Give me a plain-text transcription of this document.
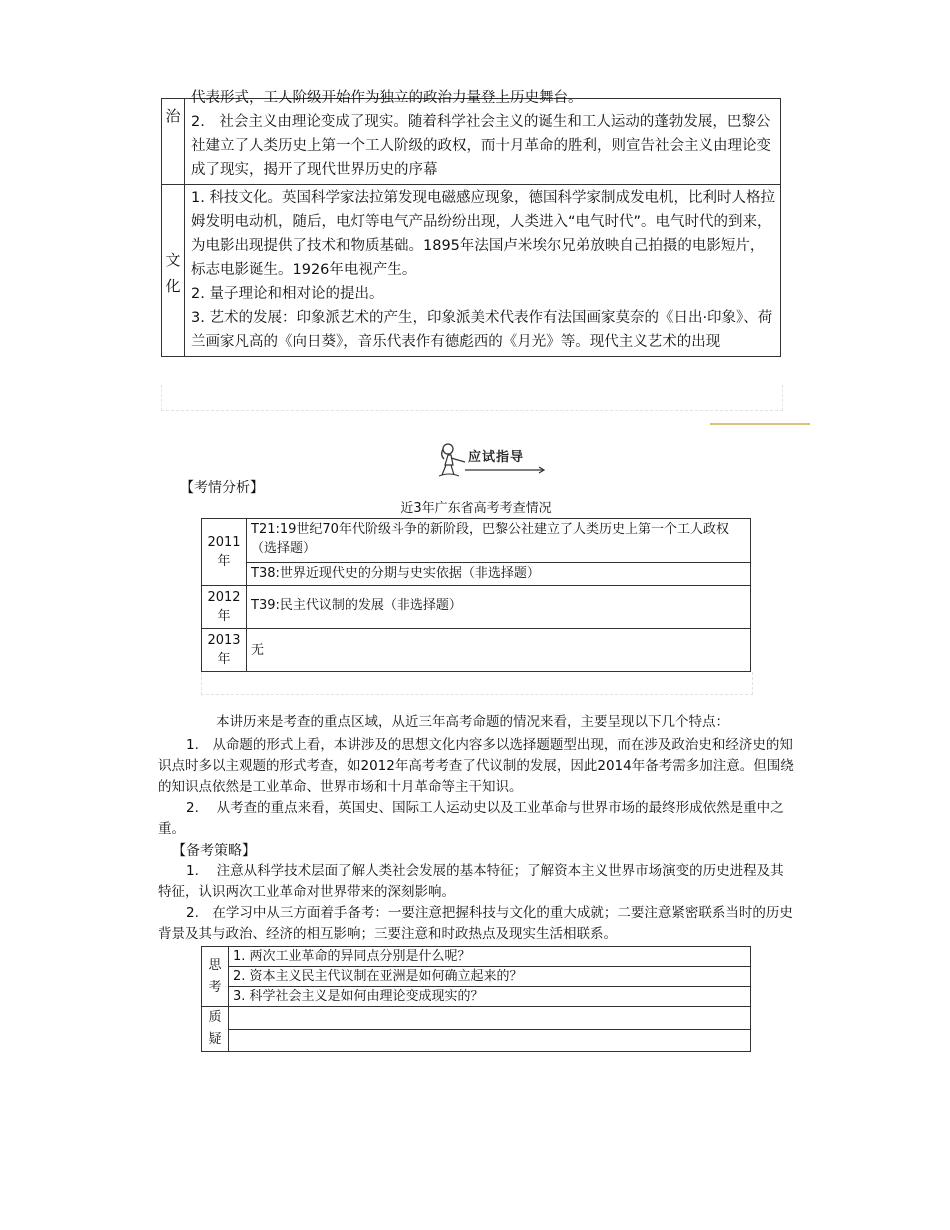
治	代表形式，工人阶级开始作为独立的政治力量登上历史舞台。
2.　社会主义由理论变成了现实。随着科学社会主义的诞生和工人运动的蓬勃发展，巴黎公社建立了人类历史上第一个工人阶级的政权，而十月革命的胜利，则宣告社会主义由理论变成了现实，揭开了现代世界历史的序幕

文化	1. 科技文化。英国科学家法拉第发现电磁感应现象，德国科学家制成发电机，比利时人格拉姆发明电动机，随后，电灯等电气产品纷纷出现，人类进入“电气时代”。电气时代的到来，为电影出现提供了技术和物质基础。1895年法国卢米埃尔兄弟放映自己拍摄的电影短片，标志电影诞生。1926年电视产生。
2. 量子理论和相对论的提出。
3. 艺术的发展：印象派艺术的产生，印象派美术代表作有法国画家莫奈的《日出·印象》、荷兰画家凡高的《向日葵》，音乐代表作有德彪西的《月光》等。现代主义艺术的出现
应试指导
【考情分析】
近3年广东省高考考查情况
2011年	T21:19世纪70年代阶级斗争的新阶段，巴黎公社建立了人类历史上第一个工人政权（选择题）
	T38:世界近现代史的分期与史实依据（非选择题）
2012年	T39:民主代议制的发展（非选择题）
2013年	无
本讲历来是考查的重点区域，从近三年高考命题的情况来看，主要呈现以下几个特点：
1.　从命题的形式上看，本讲涉及的思想文化内容多以选择题题型出现，而在涉及政治史和经济史的知识点时多以主观题的形式考查，如2012年高考考查了代议制的发展，因此2014年备考需多加注意。但围绕的知识点依然是工业革命、世界市场和十月革命等主干知识。
2.　 从考查的重点来看，英国史、国际工人运动史以及工业革命与世界市场的最终形成依然是重中之重。
【备考策略】
1.　 注意从科学技术层面了解人类社会发展的基本特征；了解资本主义世界市场演变的历史进程及其特征，认识两次工业革命对世界带来的深刻影响。
2.　在学习中从三方面着手备考：一要注意把握科技与文化的重大成就；二要注意紧密联系当时的历史背景及其与政治、经济的相互影响；三要注意和时政热点及现实生活相联系。
思考	1. 两次工业革命的异同点分别是什么呢？
	2. 资本主义民主代议制在亚洲是如何确立起来的？
	3. 科学社会主义是如何由理论变成现实的？
质疑	
